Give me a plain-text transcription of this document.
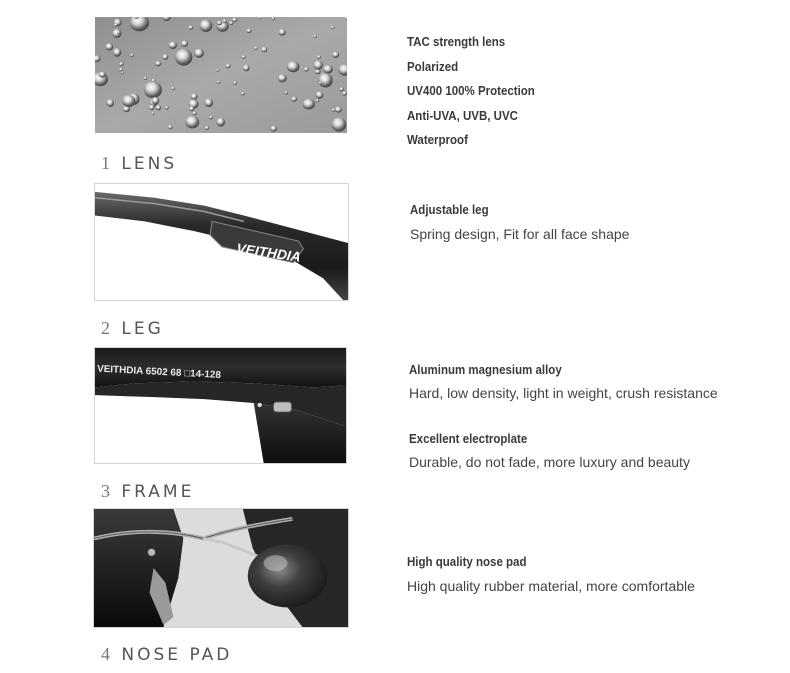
1 LENS
TAC strength lens
Polarized
UV400 100% Protection
Anti-UVA, UVB, UVC
Waterproof
VEITHDIA
2 LEG
Adjustable leg
Spring design, Fit for all face shape
VEITHDIA 6502 68 □14-128
3 FRAME
Aluminum magnesium alloy
Hard, low density, light in weight, crush resistance
Excellent electroplate
Durable, do not fade, more luxury and beauty
4 NOSE PAD
High quality nose pad
High quality rubber material, more comfortable
